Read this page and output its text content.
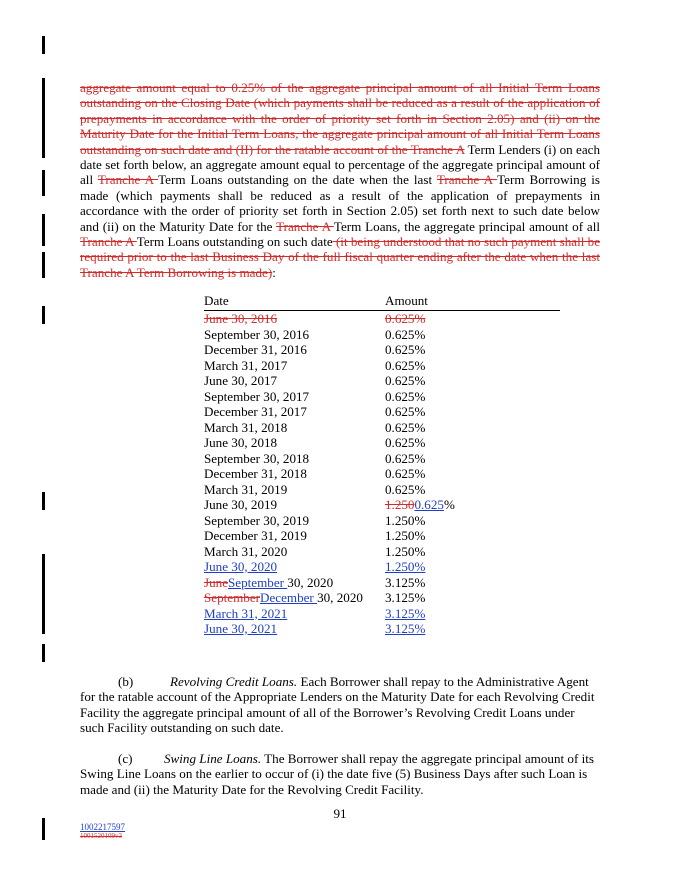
aggregate amount equal to 0.25% of the aggregate principal amount of all Initial Term Loans outstanding on the Closing Date (which payments shall be reduced as a result of the application of prepayments in accordance with the order of priority set forth in Section 2.05) and (ii) on the Maturity Date for the Initial Term Loans, the aggregate principal amount of all Initial Term Loans outstanding on such date and (II) for the ratable account of the Tranche A Term Lenders (i) on each date set forth below, an aggregate amount equal to percentage of the aggregate principal amount of all Tranche A Term Loans outstanding on the date when the last Tranche A Term Borrowing is made (which payments shall be reduced as a result of the application of prepayments in accordance with the order of priority set forth in Section 2.05) set forth next to such date below and (ii) on the Maturity Date for the Tranche A Term Loans, the aggregate principal amount of all Tranche A Term Loans outstanding on such date (it being understood that no such payment shall be required prior to the last Business Day of the full fiscal quarter ending after the date when the last Tranche A Term Borrowing is made):
Date	Amount
June 30, 2016	0.625%
September 30, 2016	0.625%
December 31, 2016	0.625%
March 31, 2017	0.625%
June 30, 2017	0.625%
September 30, 2017	0.625%
December 31, 2017	0.625%
March 31, 2018	0.625%
June 30, 2018	0.625%
September 30, 2018	0.625%
December 31, 2018	0.625%
March 31, 2019	0.625%
June 30, 2019	1.2500.625%
September 30, 2019	1.250%
December 31, 2019	1.250%
March 31, 2020	1.250%
June 30, 2020	1.250%
JuneSeptember 30, 2020	3.125%
SeptemberDecember 30, 2020	3.125%
March 31, 2021	3.125%
June 30, 2021	3.125%
(b)	Revolving Credit Loans. Each Borrower shall repay to the Administrative Agent for the ratable account of the Appropriate Lenders on the Maturity Date for each Revolving Credit Facility the aggregate principal amount of all of the Borrower’s Revolving Credit Loans under such Facility outstanding on such date.
(c) Swing Line Loans. The Borrower shall repay the aggregate principal amount of its Swing Line Loans on the earlier to occur of (i) the date five (5) Business Days after such Loan is made and (ii) the Maturity Date for the Revolving Credit Facility.
91
1002217597
1001520109v3
